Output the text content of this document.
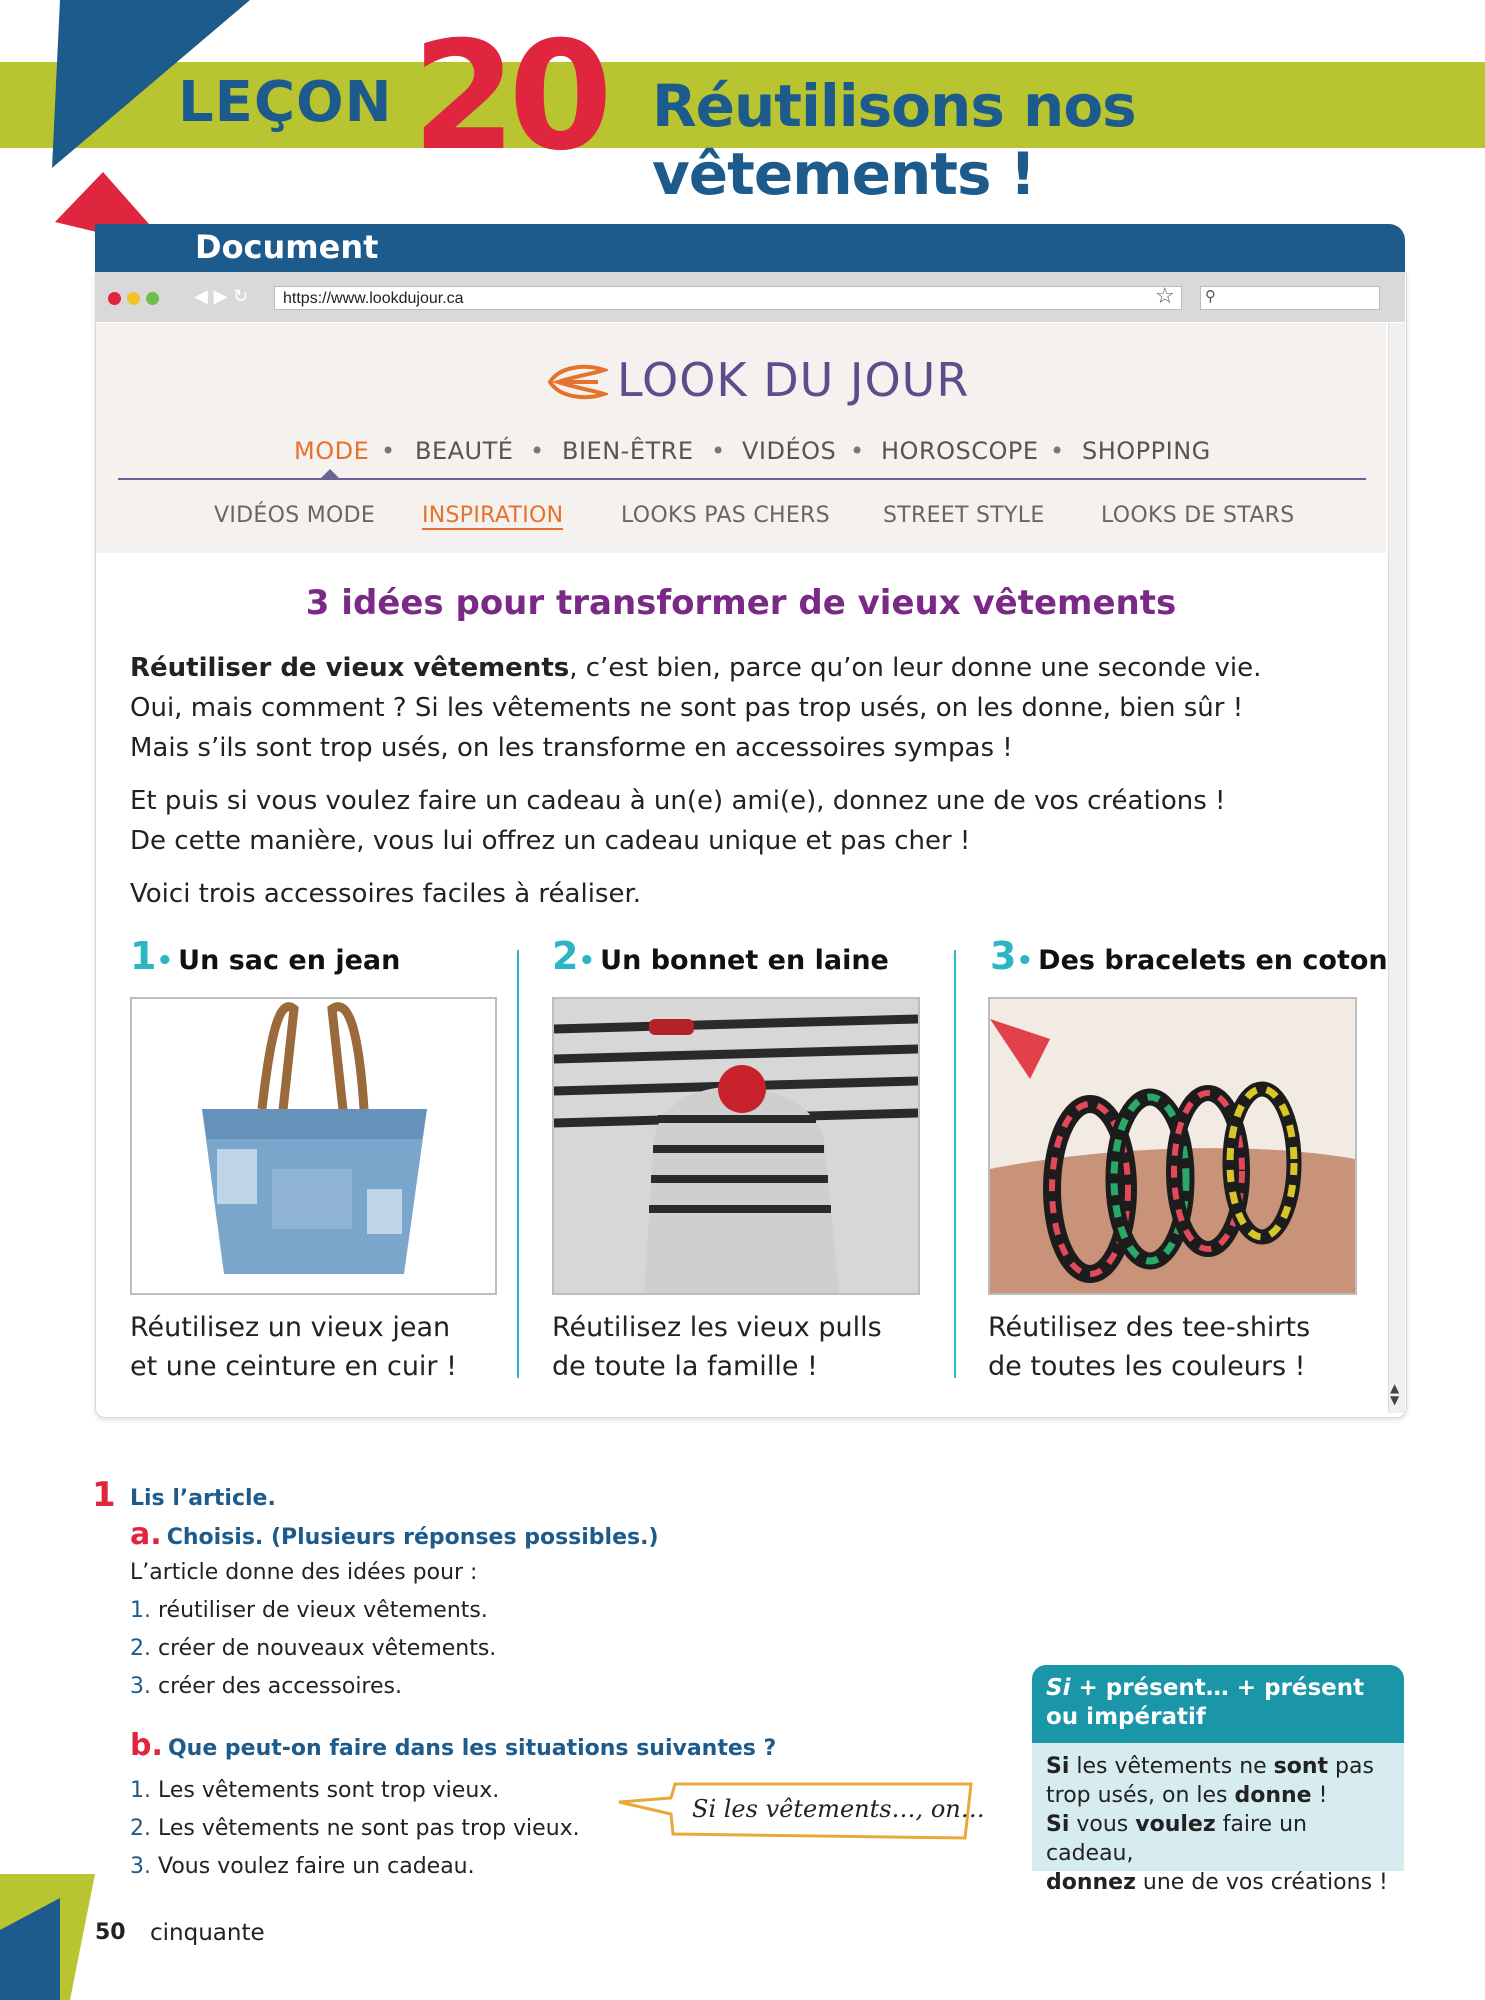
LEÇON 20 Réutilisons nos vêtements !
Document
◀ ▶ ↻	https://www.lookdujour.ca	☆ ⚲
▲
▼
LOOK DU JOUR
MODE • BEAUTÉ • BIEN-ÊTRE • VIDÉOS • HOROSCOPE • SHOPPING
VIDÉOS MODE INSPIRATION	LOOKS PAS CHERS STREET STYLE	LOOKS DE STARS
3 idées pour transformer de vieux vêtements
Réutiliser de vieux vêtements, c’est bien, parce qu’on leur donne une seconde vie.
Oui, mais comment ? Si les vêtements ne sont pas trop usés, on les donne, bien sûr !
Mais s’ils sont trop usés, on les transforme en accessoires sympas !
Et puis si vous voulez faire un cadeau à un(e) ami(e), donnez une de vos créations !
De cette manière, vous lui offrez un cadeau unique et pas cher !
Voici trois accessoires faciles à réaliser.
1• Un sac en jean	2• Un bonnet en laine	3• Des bracelets en coton
Réutilisez un vieux jean
et une ceinture en cuir !
Réutilisez les vieux pulls
de toute la famille !
Réutilisez des tee-shirts
de toutes les couleurs !
1 Lis l’article.
a. Choisis. (Plusieurs réponses possibles.)
L’article donne des idées pour :
1. réutiliser de vieux vêtements.
2. créer de nouveaux vêtements.
3. créer des accessoires.
b. Que peut-on faire dans les situations suivantes ?
1. Les vêtements sont trop vieux.
2. Les vêtements ne sont pas trop vieux.
3. Vous voulez faire un cadeau.
Si les vêtements…, on…
Si + présent… + présent
ou impératif
Si les vêtements ne sont pas
trop usés, on les donne !
Si vous voulez faire un cadeau,
donnez une de vos créations !
50 cinquante
